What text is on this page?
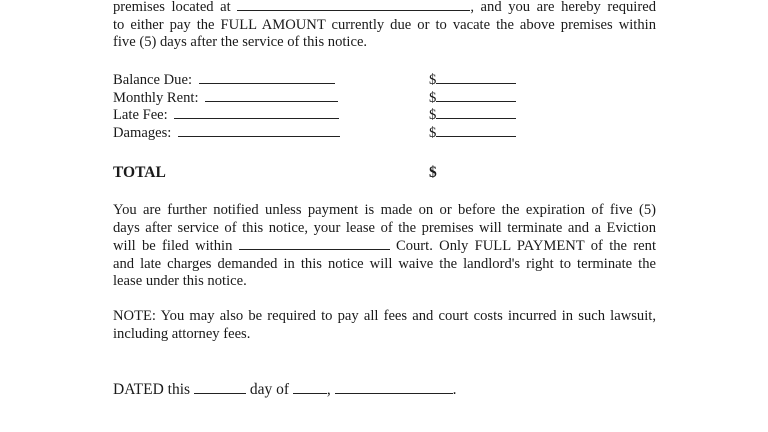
premises located at	, and you are hereby required
to either pay the FULL AMOUNT currently due or to vacate the above premises within
five (5) days after the service of this notice.
Balance Due:	$
Monthly Rent:	$
Late Fee:	$
Damages:	$
TOTAL	$
You are further notified unless payment is made on or before the expiration of five (5)
days after service of this notice, your lease of the premises will terminate and a Eviction
will be filed within	Court. Only FULL PAYMENT of the rent
and late charges demanded in this notice will waive the landlord's right to terminate the
lease under this notice.
NOTE: You may also be required to pay all fees and court costs incurred in such lawsuit,
including attorney fees.
DATED this	day of ,	.
